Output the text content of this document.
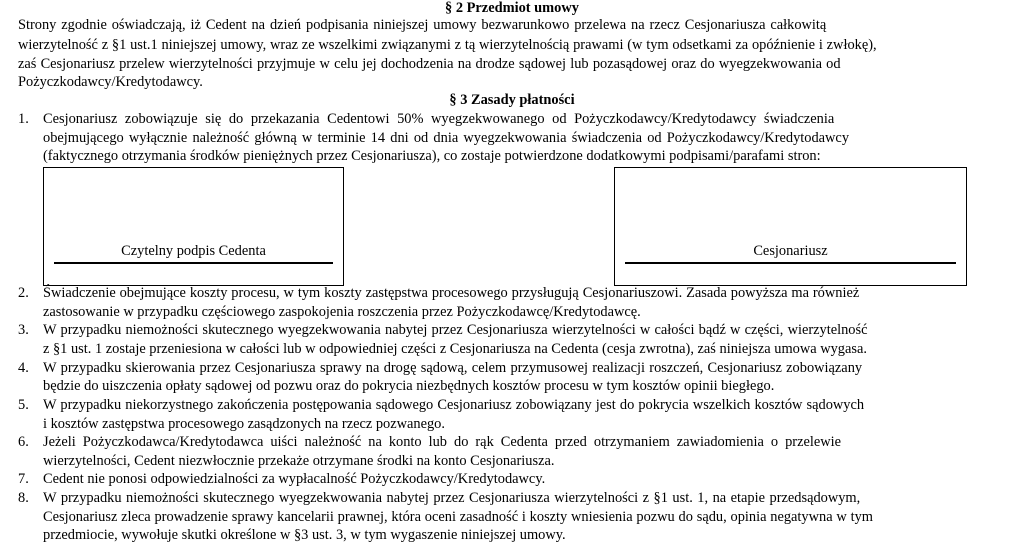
§ 2 Przedmiot umowy
Strony zgodnie oświadczają, iż Cedent na dzień podpisania niniejszej umowy bezwarunkowo przelewa na rzecz Cesjonariusza całkowitą
wierzytelność z §1 ust.1 niniejszej umowy, wraz ze wszelkimi związanymi z tą wierzytelnością prawami (w tym odsetkami za opóźnienie i zwłokę),
zaś Cesjonariusz przelew wierzytelności przyjmuje w celu jej dochodzenia na drodze sądowej lub pozasądowej oraz do wyegzekwowania od
Pożyczkodawcy/Kredytodawcy.
§ 3 Zasady płatności
1. Cesjonariusz zobowiązuje się do przekazania Cedentowi 50% wyegzekwowanego od Pożyczkodawcy/Kredytodawcy świadczenia
obejmującego wyłącznie należność główną w terminie 14 dni od dnia wyegzekwowania świadczenia od Pożyczkodawcy/Kredytodawcy
(faktycznego otrzymania środków pieniężnych przez Cesjonariusza), co zostaje potwierdzone dodatkowymi podpisami/parafami stron:
Czytelny podpis Cedenta	Cesjonariusz
2. Świadczenie obejmujące koszty procesu, w tym koszty zastępstwa procesowego przysługują Cesjonariuszowi. Zasada powyższa ma również
zastosowanie w przypadku częściowego zaspokojenia roszczenia przez Pożyczkodawcę/Kredytodawcę.
3. W przypadku niemożności skutecznego wyegzekwowania nabytej przez Cesjonariusza wierzytelności w całości bądź w części, wierzytelność
z §1 ust. 1 zostaje przeniesiona w całości lub w odpowiedniej części z Cesjonariusza na Cedenta (cesja zwrotna), zaś niniejsza umowa wygasa.
4. W przypadku skierowania przez Cesjonariusza sprawy na drogę sądową, celem przymusowej realizacji roszczeń, Cesjonariusz zobowiązany
będzie do uiszczenia opłaty sądowej od pozwu oraz do pokrycia niezbędnych kosztów procesu w tym kosztów opinii biegłego.
5. W przypadku niekorzystnego zakończenia postępowania sądowego Cesjonariusz zobowiązany jest do pokrycia wszelkich kosztów sądowych
i kosztów zastępstwa procesowego zasądzonych na rzecz pozwanego.
6. Jeżeli Pożyczkodawca/Kredytodawca uiści należność na konto lub do rąk Cedenta przed otrzymaniem zawiadomienia o przelewie
wierzytelności, Cedent niezwłocznie przekaże otrzymane środki na konto Cesjonariusza.
7. Cedent nie ponosi odpowiedzialności za wypłacalność Pożyczkodawcy/Kredytodawcy.
8. W przypadku niemożności skutecznego wyegzekwowania nabytej przez Cesjonariusza wierzytelności z §1 ust. 1, na etapie przedsądowym,
Cesjonariusz zleca prowadzenie sprawy kancelarii prawnej, która oceni zasadność i koszty wniesienia pozwu do sądu, opinia negatywna w tym
przedmiocie, wywołuje skutki określone w §3 ust. 3, w tym wygaszenie niniejszej umowy.
